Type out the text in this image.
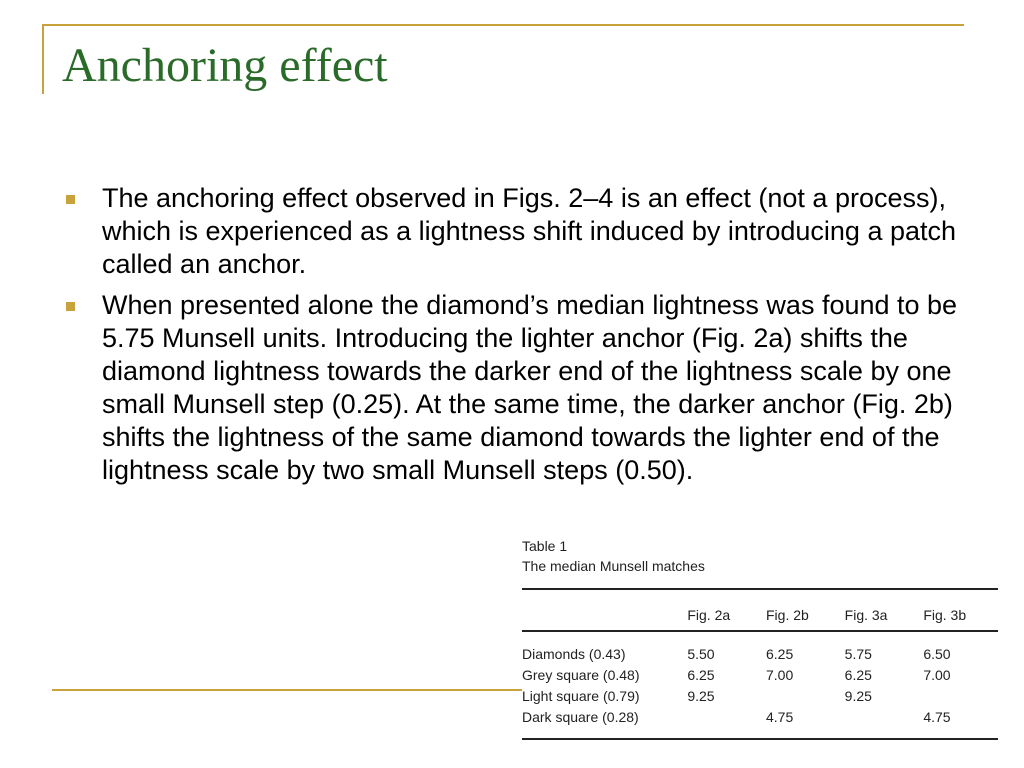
Anchoring effect
The anchoring effect observed in Figs. 2–4 is an effect (not a process), which is experienced as a lightness shift induced by introducing a patch called an anchor.
When presented alone the diamond’s median lightness was found to be 5.75 Munsell units. Introducing the lighter anchor (Fig. 2a) shifts the diamond lightness towards the darker end of the lightness scale by one small Munsell step (0.25). At the same time, the darker anchor (Fig. 2b) shifts the lightness of the same diamond towards the lighter end of the lightness scale by two small Munsell steps (0.50).
Table 1
The median Munsell matches
	Fig. 2a	Fig. 2b	Fig. 3a	Fig. 3b

Diamonds (0.43)	5.50	6.25	5.75	6.50
Grey square (0.48)	6.25	7.00	6.25	7.00
Light square (0.79)	9.25		9.25	
Dark square (0.28)		4.75		4.75
